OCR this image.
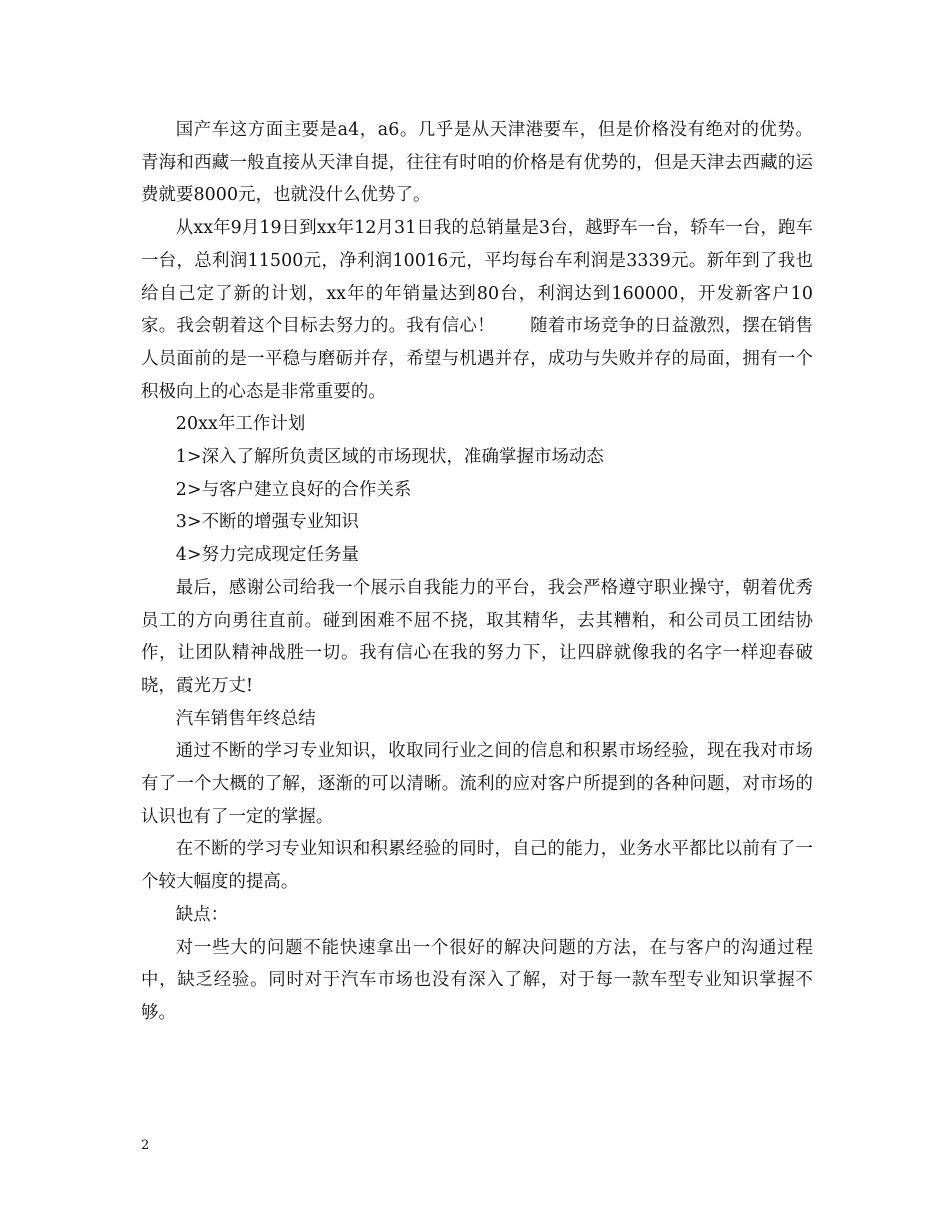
国产车这方面主要是a4，a6。几乎是从天津港要车，但是价格没有绝对的优势。青海和西藏一般直接从天津自提，往往有时咱的价格是有优势的，但是天津去西藏的运费就要8000元，也就没什么优势了。

从xx年9月19日到xx年12月31日我的总销量是3台，越野车一台，轿车一台，跑车一台，总利润11500元，净利润10016元，平均每台车利润是3339元。新年到了我也给自己定了新的计划，xx年的年销量达到80台，利润达到160000，开发新客户10家。我会朝着这个目标去努力的。我有信心！　　随着市场竞争的日益激烈，摆在销售人员面前的是一平稳与磨砺并存，希望与机遇并存，成功与失败并存的局面，拥有一个积极向上的心态是非常重要的。

20xx年工作计划

1>深入了解所负责区域的市场现状，准确掌握市场动态

2>与客户建立良好的合作关系

3>不断的增强专业知识

4>努力完成现定任务量

最后，感谢公司给我一个展示自我能力的平台，我会严格遵守职业操守，朝着优秀员工的方向勇往直前。碰到困难不屈不挠，取其精华，去其糟粕，和公司员工团结协作，让团队精神战胜一切。我有信心在我的努力下，让四辟就像我的名字一样迎春破晓，霞光万丈!

汽车销售年终总结

通过不断的学习专业知识，收取同行业之间的信息和积累市场经验，现在我对市场有了一个大概的了解，逐渐的可以清晰。流利的应对客户所提到的各种问题，对市场的认识也有了一定的掌握。

在不断的学习专业知识和积累经验的同时，自己的能力，业务水平都比以前有了一个较大幅度的提高。

缺点：

对一些大的问题不能快速拿出一个很好的解决问题的方法，在与客户的沟通过程中，缺乏经验。同时对于汽车市场也没有深入了解，对于每一款车型专业知识掌握不够。

2
